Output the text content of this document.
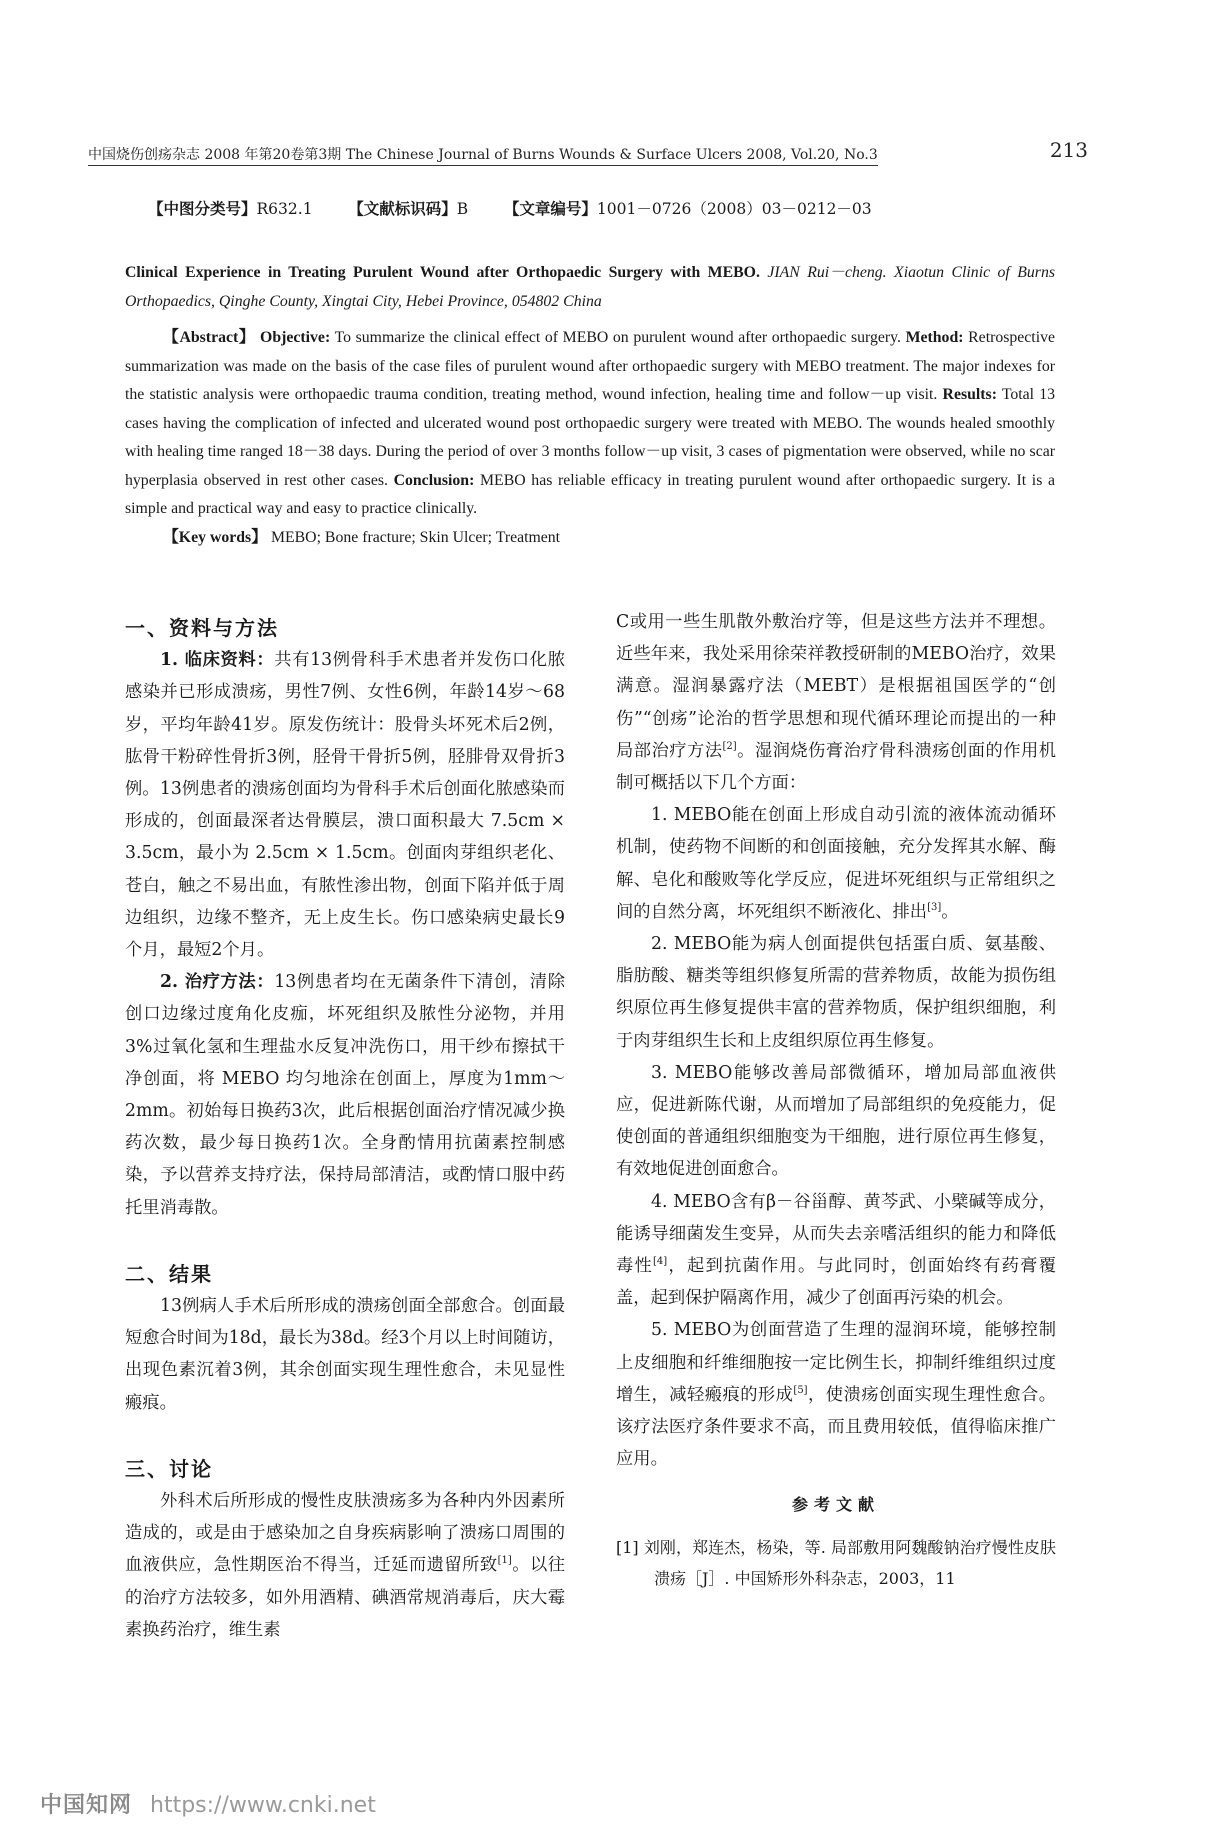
中国烧伤创疡杂志 2008 年第20卷第3期 The Chinese Journal of Burns Wounds & Surface Ulcers 2008, Vol.20, No.3	213
【中图分类号】R632.1 【文献标识码】B 【文章编号】1001－0726（2008）03－0212－03
Clinical Experience in Treating Purulent Wound after Orthopaedic Surgery with MEBO. JIAN Rui－cheng. Xiaotun Clinic of Burns Orthopaedics, Qinghe County, Xingtai City, Hebei Province, 054802 China

【Abstract】 Objective: To summarize the clinical effect of MEBO on purulent wound after orthopaedic surgery. Method: Retrospective summarization was made on the basis of the case files of purulent wound after orthopaedic surgery with MEBO treatment. The major indexes for the statistic analysis were orthopaedic trauma condition, treating method, wound infection, healing time and follow－up visit. Results: Total 13 cases having the complication of infected and ulcerated wound post orthopaedic surgery were treated with MEBO. The wounds healed smoothly with healing time ranged 18－38 days. During the period of over 3 months follow－up visit, 3 cases of pigmentation were observed, while no scar hyperplasia observed in rest other cases. Conclusion: MEBO has reliable efficacy in treating purulent wound after orthopaedic surgery. It is a simple and practical way and easy to practice clinically.

【Key words】 MEBO; Bone fracture; Skin Ulcer; Treatment

一、资料与方法

1. 临床资料：共有13例骨科手术患者并发伤口化脓感染并已形成溃疡，男性7例、女性6例，年龄14岁～68岁，平均年龄41岁。原发伤统计：股骨头坏死术后2例，肱骨干粉碎性骨折3例，胫骨干骨折5例，胫腓骨双骨折3例。13例患者的溃疡创面均为骨科手术后创面化脓感染而形成的，创面最深者达骨膜层，溃口面积最大 7.5cm × 3.5cm，最小为 2.5cm × 1.5cm。创面肉芽组织老化、苍白，触之不易出血，有脓性渗出物，创面下陷并低于周边组织，边缘不整齐，无上皮生长。伤口感染病史最长9个月，最短2个月。

2. 治疗方法：13例患者均在无菌条件下清创，清除创口边缘过度角化皮痂，坏死组织及脓性分泌物，并用3%过氧化氢和生理盐水反复冲洗伤口，用干纱布擦拭干净创面，将 MEBO 均匀地涂在创面上，厚度为1mm～2mm。初始每日换药3次，此后根据创面治疗情况减少换药次数，最少每日换药1次。全身酌情用抗菌素控制感染，予以营养支持疗法，保持局部清洁，或酌情口服中药托里消毒散。

二、结果

13例病人手术后所形成的溃疡创面全部愈合。创面最短愈合时间为18d，最长为38d。经3个月以上时间随访，出现色素沉着3例，其余创面实现生理性愈合，未见显性瘢痕。

三、讨论

外科术后所形成的慢性皮肤溃疡多为各种内外因素所造成的，或是由于感染加之自身疾病影响了溃疡口周围的血液供应，急性期医治不得当，迁延而遗留所致[1]。以往的治疗方法较多，如外用酒精、碘酒常规消毒后，庆大霉素换药治疗，维生素

C或用一些生肌散外敷治疗等，但是这些方法并不理想。近些年来，我处采用徐荣祥教授研制的MEBO治疗，效果满意。湿润暴露疗法（MEBT）是根据祖国医学的“创伤”“创疡”论治的哲学思想和现代循环理论而提出的一种局部治疗方法[2]。湿润烧伤膏治疗骨科溃疡创面的作用机制可概括以下几个方面：

1. MEBO能在创面上形成自动引流的液体流动循环机制，使药物不间断的和创面接触，充分发挥其水解、酶解、皂化和酸败等化学反应，促进坏死组织与正常组织之间的自然分离，坏死组织不断液化、排出[3]。

2. MEBO能为病人创面提供包括蛋白质、氨基酸、脂肪酸、糖类等组织修复所需的营养物质，故能为损伤组织原位再生修复提供丰富的营养物质，保护组织细胞，利于肉芽组织生长和上皮组织原位再生修复。

3. MEBO能够改善局部微循环，增加局部血液供应，促进新陈代谢，从而增加了局部组织的免疫能力，促使创面的普通组织细胞变为干细胞，进行原位再生修复，有效地促进创面愈合。

4. MEBO含有β－谷甾醇、黄芩武、小檗碱等成分，能诱导细菌发生变异，从而失去亲嗜活组织的能力和降低毒性[4]，起到抗菌作用。与此同时，创面始终有药膏覆盖，起到保护隔离作用，减少了创面再污染的机会。

5. MEBO为创面营造了生理的湿润环境，能够控制上皮细胞和纤维细胞按一定比例生长，抑制纤维组织过度增生，减轻瘢痕的形成[5]，使溃疡创面实现生理性愈合。该疗法医疗条件要求不高，而且费用较低，值得临床推广应用。

参考文献

[1] 刘刚，郑连杰，杨染，等. 局部敷用阿魏酸钠治疗慢性皮肤溃疡［J］. 中国矫形外科杂志，2003，11

中国知网 https://www.cnki.net
